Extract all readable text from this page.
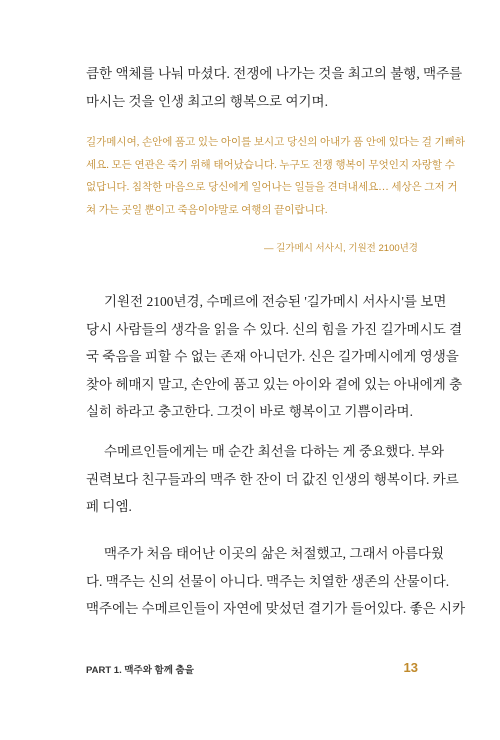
큼한 액체를 나눠 마셨다. 전쟁에 나가는 것을 최고의 불행, 맥주를
마시는 것을 인생 최고의 행복으로 여기며.
길가메시여, 손안에 품고 있는 아이를 보시고 당신의 아내가 품 안에 있다는 걸 기뻐하
세요. 모든 연관은 죽기 위해 태어났습니다. 누구도 전쟁 행복이 무엇인지 자랑할 수
없답니다. 침착한 마음으로 당신에게 일어나는 일들을 견뎌내세요… 세상은 그저 거
쳐 가는 곳일 뿐이고 죽음이야말로 여행의 끝이랍니다.
— 길가메시 서사시, 기원전 2100년경
기원전 2100년경, 수메르에 전승된 '길가메시 서사시'를 보면
당시 사람들의 생각을 읽을 수 있다. 신의 힘을 가진 길가메시도 결
국 죽음을 피할 수 없는 존재 아니던가. 신은 길가메시에게 영생을
찾아 헤매지 말고, 손안에 품고 있는 아이와 곁에 있는 아내에게 충
실히 하라고 충고한다. 그것이 바로 행복이고 기쁨이라며.
수메르인들에게는 매 순간 최선을 다하는 게 중요했다. 부와
권력보다 친구들과의 맥주 한 잔이 더 값진 인생의 행복이다. 카르
페 디엠.
맥주가 처음 태어난 이곳의 삶은 처절했고, 그래서 아름다웠
다. 맥주는 신의 선물이 아니다. 맥주는 치열한 생존의 산물이다.
맥주에는 수메르인들이 자연에 맞섰던 결기가 들어있다. 좋은 시카
PART 1. 맥주와 함께 춤을	13
